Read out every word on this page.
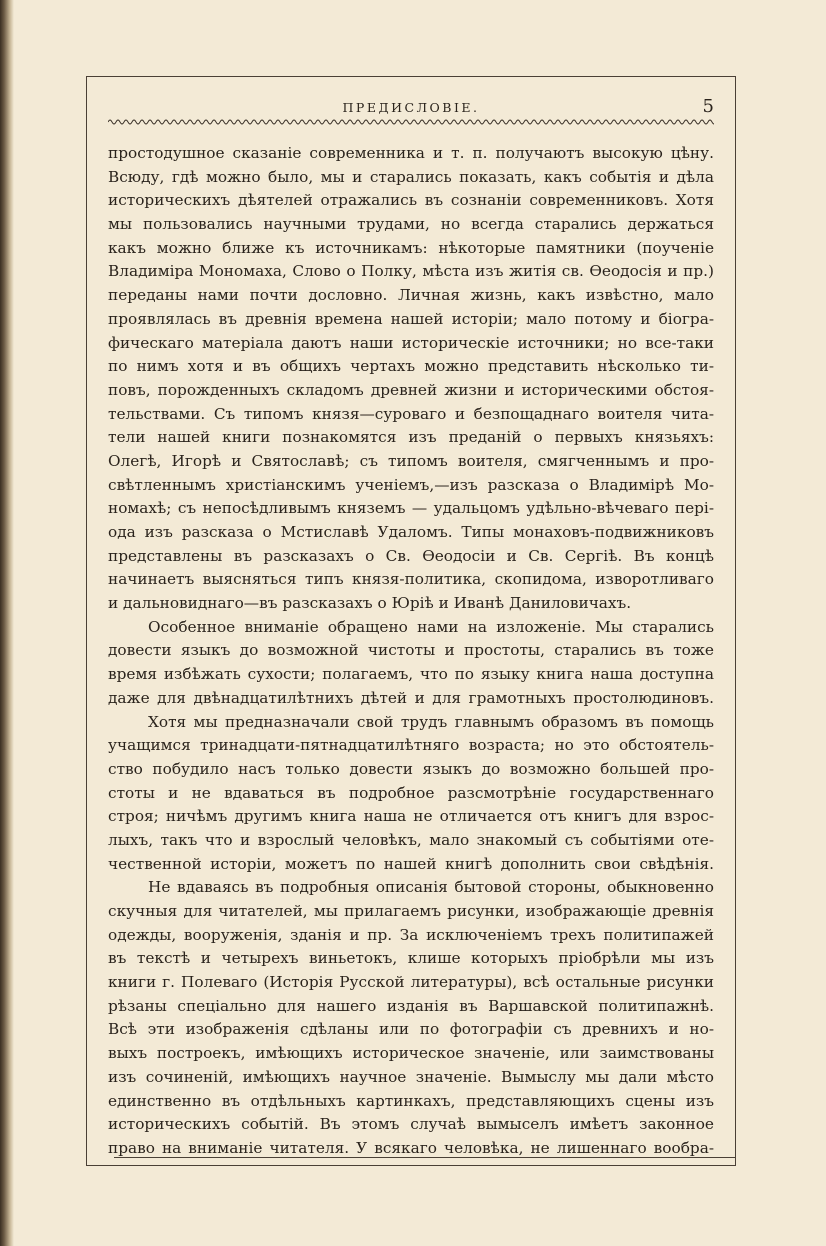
ПРЕДИСЛОВІЕ.	5
простодушное сказаніе современника и т. п. получаютъ высокую цѣну.
Всюду, гдѣ можно было, мы и старались показать, какъ событія и дѣла
историческихъ дѣятелей отражались въ сознаніи современниковъ. Хотя
мы пользовались научными трудами, но всегда старались держаться
какъ можно ближе къ источникамъ: нѣкоторые памятники (поученіе
Владиміра Мономаха, Слово о Полку, мѣста изъ житія св. Ѳеодосія и пр.)
переданы нами почти дословно. Личная жизнь, какъ извѣстно, мало
проявлялась въ древнія времена нашей исторіи; мало потому и біогра-
фическаго матеріала даютъ наши историческіе источники; но все-таки
по нимъ хотя и въ общихъ чертахъ можно представить нѣсколько ти-
повъ, порожденныхъ складомъ древней жизни и историческими обстоя-
тельствами. Съ типомъ князя—суроваго и безпощаднаго воителя чита-
тели нашей книги познакомятся изъ преданій о первыхъ князьяхъ:
Олегѣ, Игорѣ и Святославѣ; съ типомъ воителя, смягченнымъ и про-
свѣтленнымъ христіанскимъ ученіемъ,—изъ разсказа о Владимірѣ Мо-
номахѣ; съ непосѣдливымъ княземъ — удальцомъ удѣльно-вѣчеваго пері-
ода изъ разсказа о Мстиславѣ Удаломъ. Типы монаховъ-подвижниковъ
представлены въ разсказахъ о Св. Ѳеодосіи и Св. Сергіѣ. Въ концѣ
начинаетъ выясняться типъ князя-политика, скопидома, изворотливаго
и дальновиднаго—въ разсказахъ о Юріѣ и Иванѣ Даниловичахъ.
Особенное вниманіе обращено нами на изложеніе. Мы старались
довести языкъ до возможной чистоты и простоты, старались въ тоже
время избѣжать сухости; полагаемъ, что по языку книга наша доступна
даже для двѣнадцатилѣтнихъ дѣтей и для грамотныхъ простолюдиновъ.
Хотя мы предназначали свой трудъ главнымъ образомъ въ помощь
учащимся тринадцати-пятнадцатилѣтняго возраста; но это обстоятель-
ство побудило насъ только довести языкъ до возможно большей про-
стоты и не вдаваться въ подробное разсмотрѣніе государственнаго
строя; ничѣмъ другимъ книга наша не отличается отъ книгъ для взрос-
лыхъ, такъ что и взрослый человѣкъ, мало знакомый съ событіями оте-
чественной исторіи, можетъ по нашей книгѣ дополнить свои свѣдѣнія.
Не вдаваясь въ подробныя описанія бытовой стороны, обыкновенно
скучныя для читателей, мы прилагаемъ рисунки, изображающіе древнія
одежды, вооруженія, зданія и пр. За исключеніемъ трехъ политипажей
въ текстѣ и четырехъ виньетокъ, клише которыхъ пріобрѣли мы изъ
книги г. Полеваго (Исторія Русской литературы), всѣ остальные рисунки
рѣзаны спеціально для нашего изданія въ Варшавской политипажнѣ.
Всѣ эти изображенія сдѣланы или по фотографіи съ древнихъ и но-
выхъ построекъ, имѣющихъ историческое значеніе, или заимствованы
изъ сочиненій, имѣющихъ научное значеніе. Вымыслу мы дали мѣсто
единственно въ отдѣльныхъ картинкахъ, представляющихъ сцены изъ
историческихъ событій. Въ этомъ случаѣ вымыселъ имѣетъ законное
право на вниманіе читателя. У всякаго человѣка, не лишеннаго вообра-
